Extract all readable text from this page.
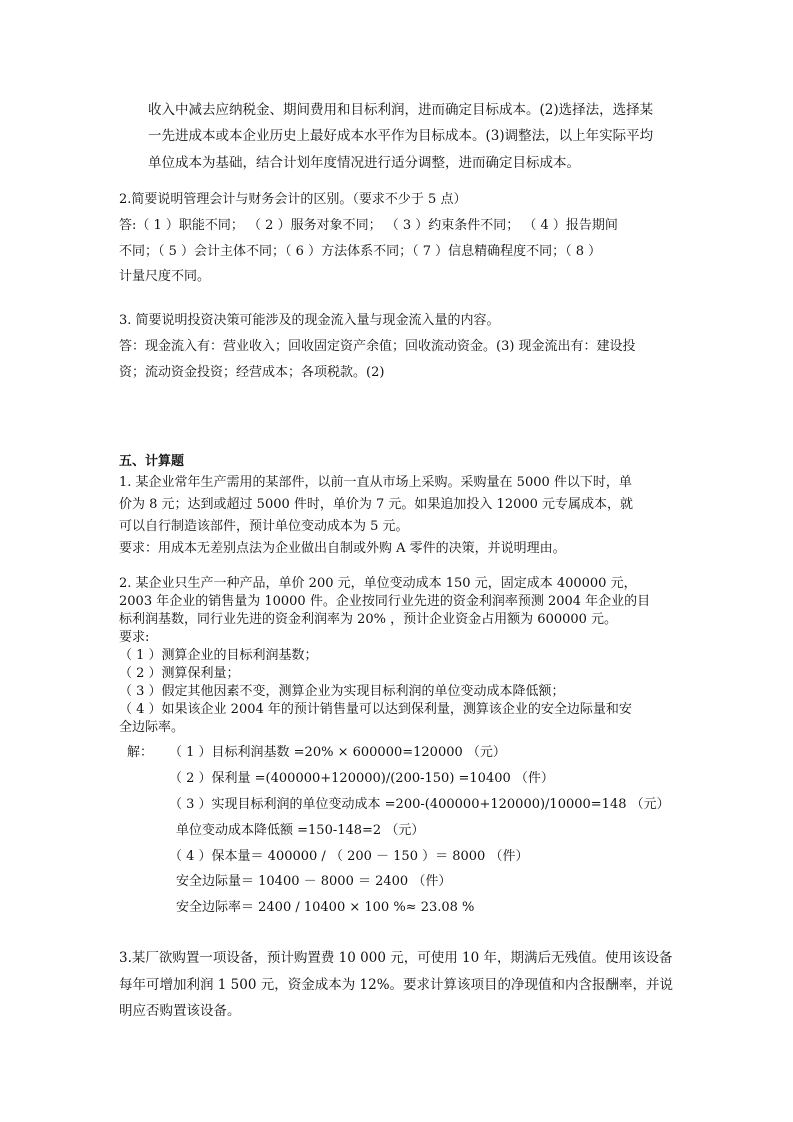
收入中减去应纳税金、期间费用和目标利润，进而确定目标成本。(2)选择法，选择某
一先进成本或本企业历史上最好成本水平作为目标成本。(3)调整法，以上年实际平均
单位成本为基础，结合计划年度情况进行适分调整，进而确定目标成本。
2.简要说明管理会计与财务会计的区别。（要求不少于 5 点）
答:（ 1 ）职能不同； （ 2 ）服务对象不同； （ 3 ）约束条件不同； （ 4 ）报告期间
不同；（ 5 ）会计主体不同；（ 6 ）方法体系不同；（ 7 ）信息精确程度不同；（ 8 ）
计量尺度不同。
3. 简要说明投资决策可能涉及的现金流入量与现金流入量的内容。
答：现金流入有：营业收入；回收固定资产余值；回收流动资金。(3) 现金流出有：建设投
资；流动资金投资；经营成本；各项税款。(2)
五、计算题
1. 某企业常年生产需用的某部件，以前一直从市场上采购。采购量在 5000 件以下时，单
价为 8 元；达到或超过 5000 件时，单价为 7 元。如果追加投入 12000 元专属成本，就
可以自行制造该部件，预计单位变动成本为 5 元。
要求：用成本无差别点法为企业做出自制或外购 A 零件的决策，并说明理由。
2. 某企业只生产一种产品，单价 200 元，单位变动成本 150 元，固定成本 400000 元，
2003 年企业的销售量为 10000 件。企业按同行业先进的资金利润率预测 2004 年企业的目
标利润基数，同行业先进的资金利润率为 20% ，预计企业资金占用额为 600000 元。
要求:
（ 1 ）测算企业的目标利润基数；
（ 2 ）测算保利量；
（ 3 ）假定其他因素不变，测算企业为实现目标利润的单位变动成本降低额；
（ 4 ）如果该企业 2004 年的预计销售量可以达到保利量，测算该企业的安全边际量和安
全边际率。
解： （ 1 ）目标利润基数 =20% × 600000=120000 （元）
（ 2 ）保利量 =(400000+120000)/(200-150) =10400 （件）
（ 3 ）实现目标利润的单位变动成本 =200-(400000+120000)/10000=148 （元）
单位变动成本降低额 =150-148=2 （元）
（ 4 ）保本量＝ 400000 / （ 200 － 150 ）＝ 8000 （件）
安全边际量＝ 10400 － 8000 ＝ 2400 （件）
安全边际率＝ 2400 / 10400 × 100 %≈ 23.08 %
3.某厂欲购置一项设备，预计购置费 10 000 元，可使用 10 年，期满后无残值。使用该设备
每年可增加利润 1 500 元，资金成本为 12%。要求计算该项目的净现值和内含报酬率，并说
明应否购置该设备。
